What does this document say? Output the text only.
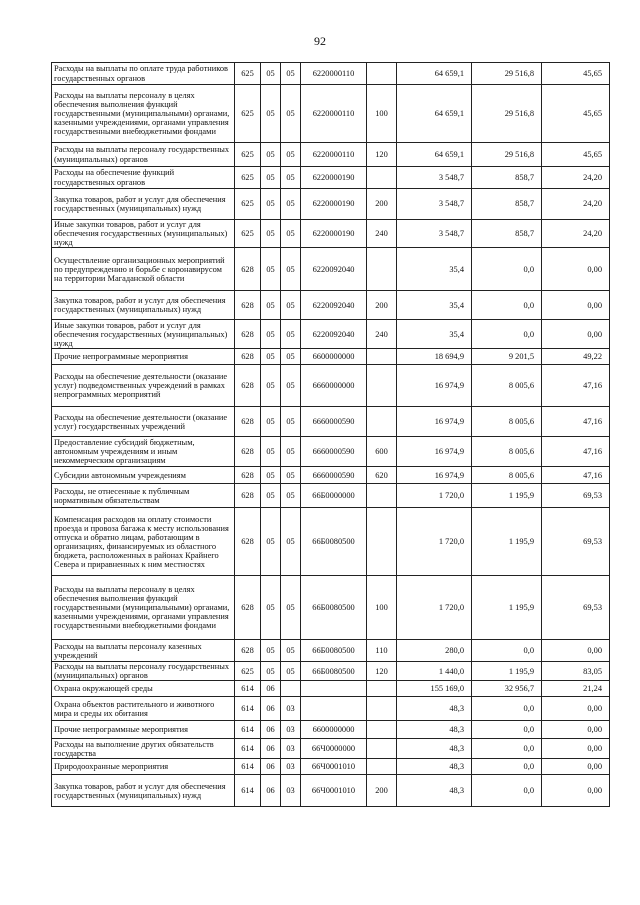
92
Расходы на выплаты по оплате труда работников государственных органов	625	05	05	6220000110		64 659,1	29 516,8	45,65
Расходы на выплаты персоналу в целях обеспечения выполнения функций государственными (муниципальными) органами, казенными учреждениями, органами управления государственными внебюджетными фондами	625	05	05	6220000110	100	64 659,1	29 516,8	45,65
Расходы на выплаты персоналу государственных (муниципальных) органов	625	05	05	6220000110	120	64 659,1	29 516,8	45,65
Расходы на обеспечение функций государственных органов	625	05	05	6220000190		3 548,7	858,7	24,20
Закупка товаров, работ и услуг для обеспечения государственных (муниципальных) нужд	625	05	05	6220000190	200	3 548,7	858,7	24,20
Иные закупки товаров, работ и услуг для обеспечения государственных (муниципальных) нужд	625	05	05	6220000190	240	3 548,7	858,7	24,20
Осуществление организационных мероприятий по предупреждению и борьбе с коронавирусом на территории Магаданской области	628	05	05	6220092040		35,4	0,0	0,00
Закупка товаров, работ и услуг для обеспечения государственных (муниципальных) нужд	628	05	05	6220092040	200	35,4	0,0	0,00
Иные закупки товаров, работ и услуг для обеспечения государственных (муниципальных) нужд	628	05	05	6220092040	240	35,4	0,0	0,00
Прочие непрограммные мероприятия	628	05	05	6600000000		18 694,9	9 201,5	49,22
Расходы на обеспечение деятельности (оказание услуг) подведомственных учреждений в рамках непрограммных мероприятий	628	05	05	6660000000		16 974,9	8 005,6	47,16
Расходы на обеспечение деятельности (оказание услуг) государственных учреждений	628	05	05	6660000590		16 974,9	8 005,6	47,16
Предоставление субсидий бюджетным, автономным учреждениям и иным некоммерческим организациям	628	05	05	6660000590	600	16 974,9	8 005,6	47,16
Субсидии автономным учреждениям	628	05	05	6660000590	620	16 974,9	8 005,6	47,16
Расходы, не отнесенные к публичным нормативным обязательствам	628	05	05	66Б0000000		1 720,0	1 195,9	69,53
Компенсация расходов на оплату стоимости проезда и провоза багажа к месту использования отпуска и обратно лицам, работающим в организациях, финансируемых из областного бюджета, расположенных в районах Крайнего Севера и приравненных к ним местностях	628	05	05	66Б0080500		1 720,0	1 195,9	69,53
Расходы на выплаты персоналу в целях обеспечения выполнения функций государственными (муниципальными) органами, казенными учреждениями, органами управления государственными внебюджетными фондами	628	05	05	66Б0080500	100	1 720,0	1 195,9	69,53
Расходы на выплаты персоналу казенных учреждений	628	05	05	66Б0080500	110	280,0	0,0	0,00
Расходы на выплаты персоналу государственных (муниципальных) органов	625	05	05	66Б0080500	120	1 440,0	1 195,9	83,05
Охрана окружающей среды	614	06				155 169,0	32 956,7	21,24
Охрана объектов растительного и животного мира и среды их обитания	614	06	03			48,3	0,0	0,00
Прочие непрограммные мероприятия	614	06	03	6600000000		48,3	0,0	0,00
Расходы на выполнение других обязательств государства	614	06	03	66Ч0000000		48,3	0,0	0,00
Природоохранные мероприятия	614	06	03	66Ч0001010		48,3	0,0	0,00
Закупка товаров, работ и услуг для обеспечения государственных (муниципальных) нужд	614	06	03	66Ч0001010	200	48,3	0,0	0,00
